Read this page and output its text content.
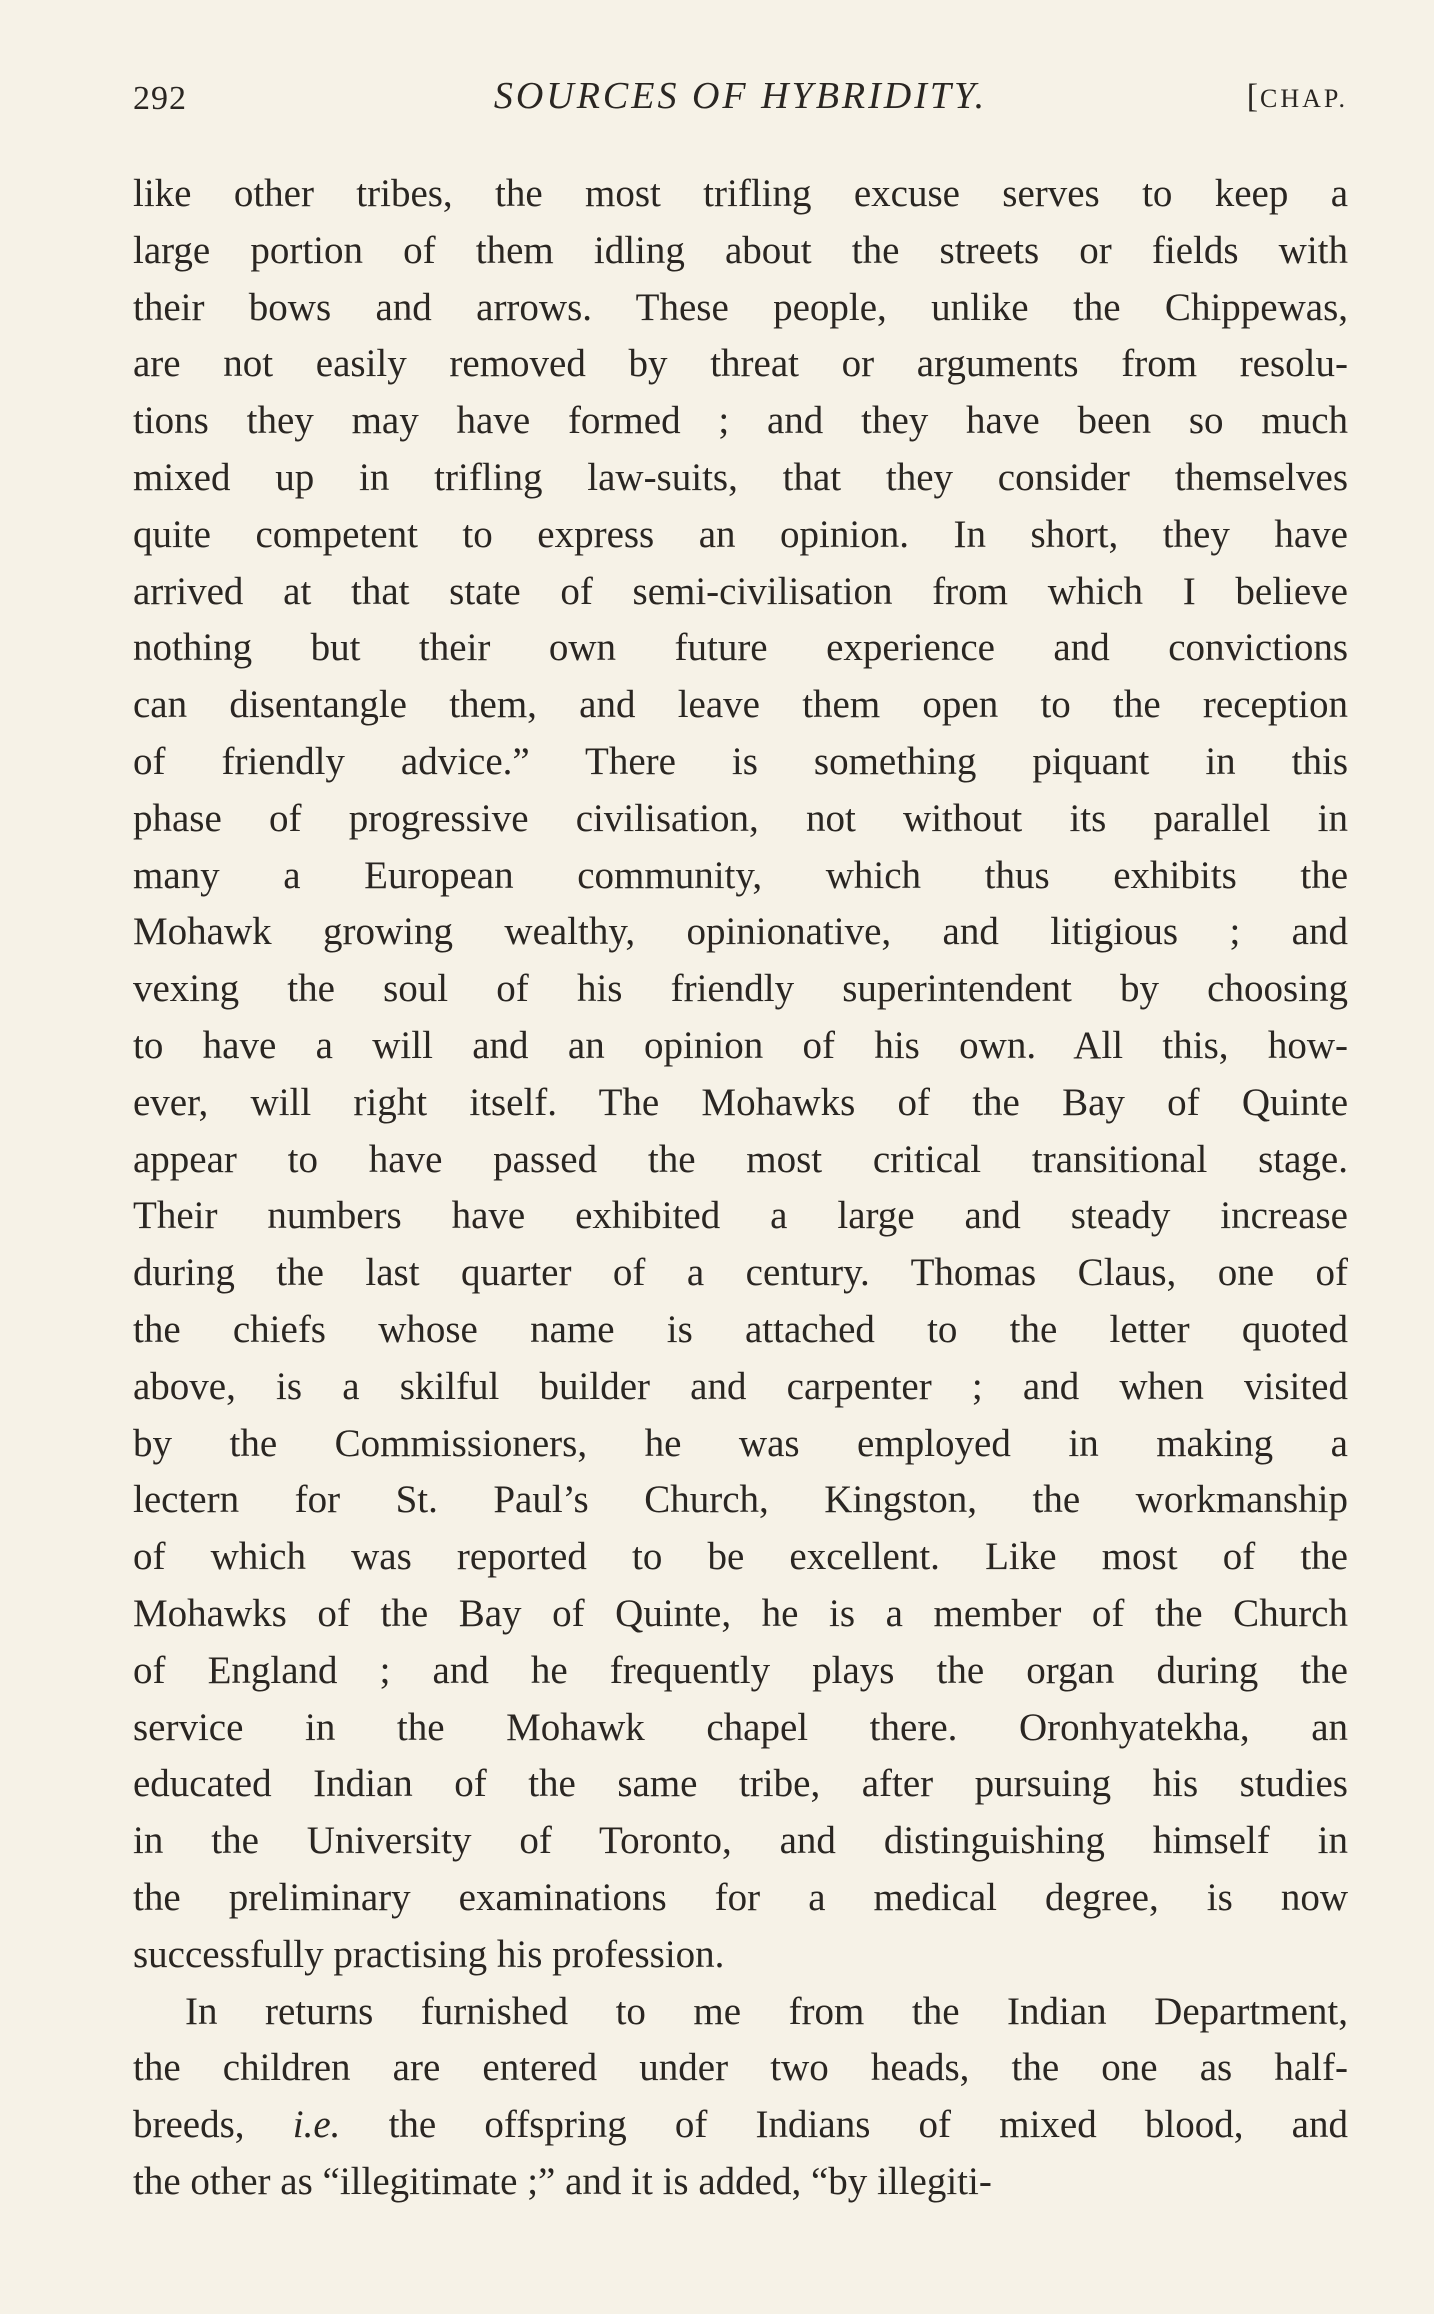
292	SOURCES OF HYBRIDITY.	[CHAP.

like other tribes, the most trifling excuse serves to keep a
large portion of them idling about the streets or fields with
their bows and arrows. These people, unlike the Chippewas,
are not easily removed by threat or arguments from resolu-
tions they may have formed ; and they have been so much
mixed up in trifling law-suits, that they consider themselves
quite competent to express an opinion. In short, they have
arrived at that state of semi-civilisation from which I believe
nothing but their own future experience and convictions
can disentangle them, and leave them open to the reception
of friendly advice.” There is something piquant in this
phase of progressive civilisation, not without its parallel in
many a European community, which thus exhibits the
Mohawk growing wealthy, opinionative, and litigious ; and
vexing the soul of his friendly superintendent by choosing
to have a will and an opinion of his own. All this, how-
ever, will right itself. The Mohawks of the Bay of Quinte
appear to have passed the most critical transitional stage.
Their numbers have exhibited a large and steady increase
during the last quarter of a century. Thomas Claus, one of
the chiefs whose name is attached to the letter quoted
above, is a skilful builder and carpenter ; and when visited
by the Commissioners, he was employed in making a
lectern for St. Paul’s Church, Kingston, the workmanship
of which was reported to be excellent. Like most of the
Mohawks of the Bay of Quinte, he is a member of the Church
of England ; and he frequently plays the organ during the
service in the Mohawk chapel there. Oronhyatekha, an
educated Indian of the same tribe, after pursuing his studies
in the University of Toronto, and distinguishing himself in
the preliminary examinations for a medical degree, is now
successfully practising his profession.

In returns furnished to me from the Indian Department,
the children are entered under two heads, the one as half-
breeds, i.e. the offspring of Indians of mixed blood, and
the other as “illegitimate ;” and it is added, “by illegiti-
